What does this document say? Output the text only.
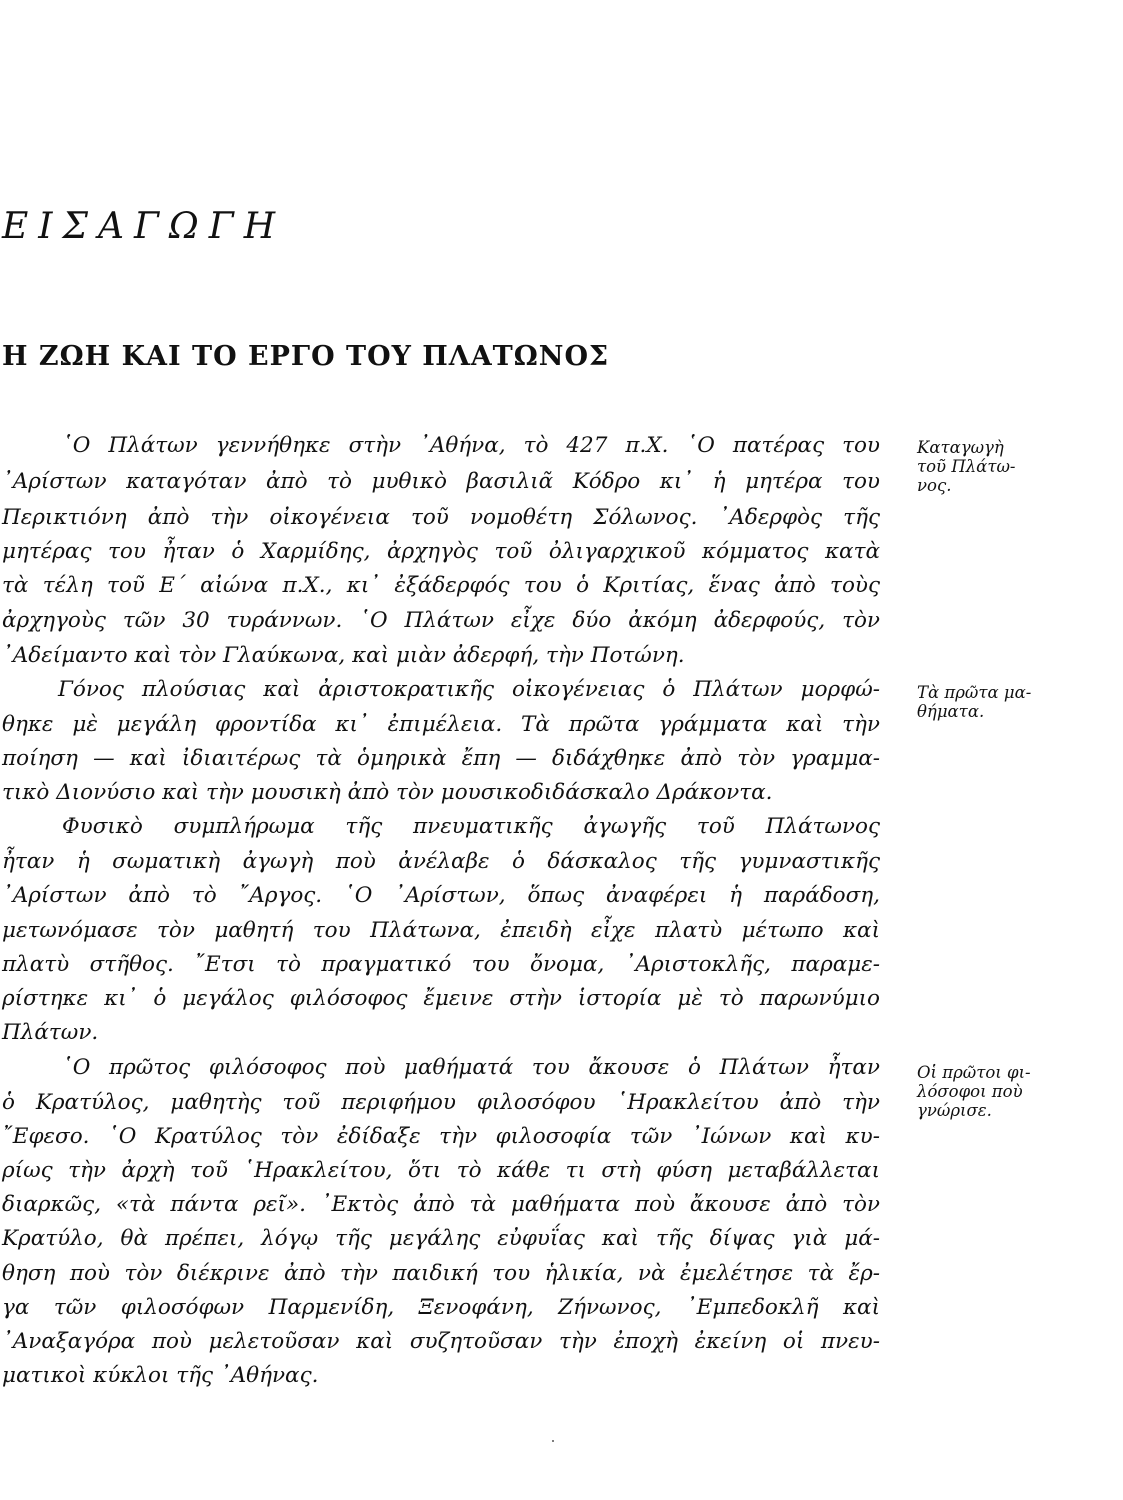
ΕΙΣΑΓΩΓΗ
Η ΖΩΗ ΚΑΙ ΤΟ ΕΡΓΟ ΤΟΥ ΠΛΑΤΩΝΟΣ

῾Ο Πλάτων γεννήθηκε στὴν ᾿Αθήνα, τὸ 427 π.Χ. ῾Ο πατέρας του

᾿Αρίστων καταγόταν ἀπὸ τὸ μυθικὸ βασιλιᾶ Κόδρο κι᾿ ἡ μητέρα του

Περικτιόνη ἀπὸ τὴν οἰκογένεια τοῦ νομοθέτη Σόλωνος. ᾿Αδερφὸς τῆς

μητέρας του ἦταν ὁ Χαρμίδης, ἀρχηγὸς τοῦ ὀλιγαρχικοῦ κόμματος κατὰ

τὰ τέλη τοῦ Ε΄ αἰώνα π.Χ., κι᾿ ἐξάδερφός του ὁ Κριτίας, ἕνας ἀπὸ τοὺς

ἀρχηγοὺς τῶν 30 τυράννων. ῾Ο Πλάτων εἶχε δύο ἀκόμη ἀδερφούς, τὸν

᾿Αδείμαντο καὶ τὸν Γλαύκωνα, καὶ μιὰν ἀδερφή, τὴν Ποτώνη.

Γόνος πλούσιας καὶ ἀριστοκρατικῆς οἰκογένειας ὁ Πλάτων μορφώ-

θηκε μὲ μεγάλη φροντίδα κι᾿ ἐπιμέλεια. Τὰ πρῶτα γράμματα καὶ τὴν

ποίηση — καὶ ἰδιαιτέρως τὰ ὁμηρικὰ ἔπη — διδάχθηκε ἀπὸ τὸν γραμμα-

τικὸ Διονύσιο καὶ τὴν μουσικὴ ἀπὸ τὸν μουσικοδιδάσκαλο Δράκοντα.

Φυσικὸ συμπλήρωμα τῆς πνευματικῆς ἀγωγῆς τοῦ Πλάτωνος

ἦταν ἡ σωματικὴ ἀγωγὴ ποὺ ἀνέλαβε ὁ δάσκαλος τῆς γυμναστικῆς

᾿Αρίστων ἀπὸ τὸ ῎Αργος. ῾Ο ᾿Αρίστων, ὅπως ἀναφέρει ἡ παράδοση,

μετωνόμασε τὸν μαθητή του Πλάτωνα, ἐπειδὴ εἶχε πλατὺ μέτωπο καὶ

πλατὺ στῆθος. ῎Ετσι τὸ πραγματικό του ὄνομα, ᾿Αριστοκλῆς, παραμε-

ρίστηκε κι᾿ ὁ μεγάλος φιλόσοφος ἔμεινε στὴν ἱστορία μὲ τὸ παρωνύμιο

Πλάτων.

῾Ο πρῶτος φιλόσοφος ποὺ μαθήματά του ἄκουσε ὁ Πλάτων ἦταν

ὁ Κρατύλος, μαθητὴς τοῦ περιφήμου φιλοσόφου ῾Ηρακλείτου ἀπὸ τὴν

῎Εφεσο. ῾Ο Κρατύλος τὸν ἐδίδαξε τὴν φιλοσοφία τῶν ᾿Ιώνων καὶ κυ-

ρίως τὴν ἀρχὴ τοῦ ῾Ηρακλείτου, ὅτι τὸ κάθε τι στὴ φύση μεταβάλλεται

διαρκῶς, «τὰ πάντα ρεῖ». ᾿Εκτὸς ἀπὸ τὰ μαθήματα ποὺ ἄκουσε ἀπὸ τὸν

Κρατύλο, θὰ πρέπει, λόγῳ τῆς μεγάλης εὐφυΐας καὶ τῆς δίψας γιὰ μά-

θηση ποὺ τὸν διέκρινε ἀπὸ τὴν παιδική του ἡλικία, νὰ ἐμελέτησε τὰ ἔρ-

γα τῶν φιλοσόφων Παρμενίδη, Ξενοφάνη, Ζήνωνος, ᾿Εμπεδοκλῆ καὶ

᾿Αναξαγόρα ποὺ μελετοῦσαν καὶ συζητοῦσαν τὴν ἐποχὴ ἐκείνη οἱ πνευ-

ματικοὶ κύκλοι τῆς ᾿Αθήνας.

Καταγωγὴ
τοῦ Πλάτω-
νος.
Τὰ πρῶτα μα-
θήματα.
Οἱ πρῶτοι φι-
λόσοφοι ποὺ
γνώρισε.
